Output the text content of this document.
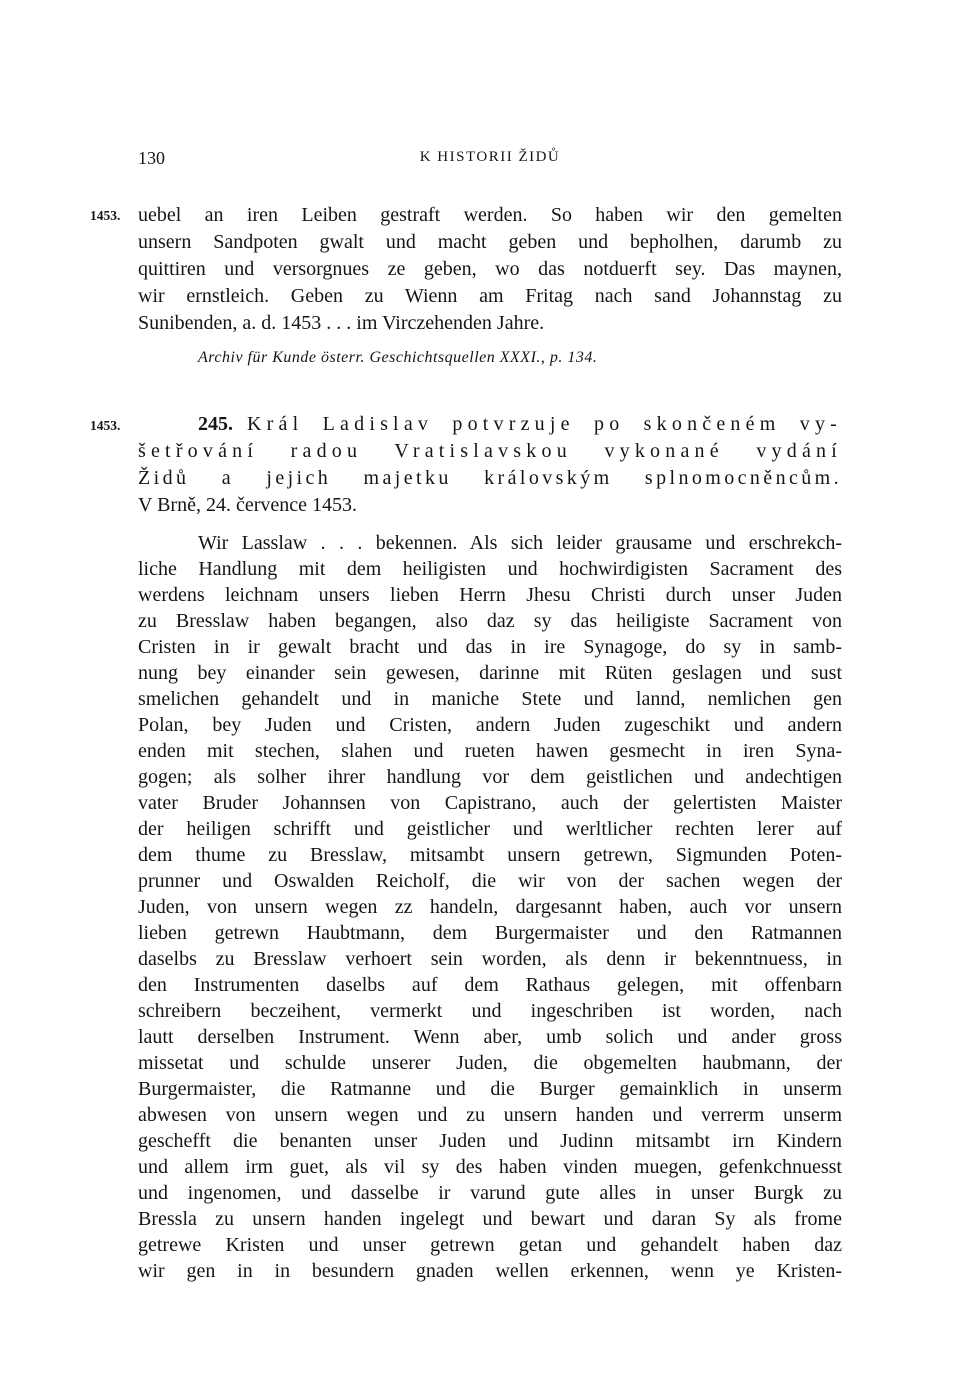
130	K HISTORII ŽIDŮ
1453. uebel an iren Leiben gestraft werden. So haben wir den gemelten
unsern Sandpoten gwalt und macht geben und bepholhen, darumb zu
quittiren und versorgnues ze geben, wo das notduerft sey. Das maynen,
wir ernstleich. Geben zu Wienn am Fritag nach sand Johannstag zu
Sunibenden, a. d. 1453 . . . im Virczehenden Jahre.
Archiv für Kunde österr. Geschichtsquellen XXXI., p. 134.
1453.	245. Král Ladislav potvrzuje po skončeném vy-
šetřování radou Vratislavskou vykonané vydání
Židů a jejich majetku královským splnomocněncům.
V Brně, 24. července 1453.
Wir Lasslaw . . . bekennen. Als sich leider grausame und erschrekch-
liche Handlung mit dem heiligisten und hochwirdigisten Sacrament des
werdens leichnam unsers lieben Herrn Jhesu Christi durch unser Juden
zu Bresslaw haben begangen, also daz sy das heiligiste Sacrament von
Cristen in ir gewalt bracht und das in ire Synagoge, do sy in samb-
nung bey einander sein gewesen, darinne mit Rüten geslagen und sust
smelichen gehandelt und in maniche Stete und lannd, nemlichen gen
Polan, bey Juden und Cristen, andern Juden zugeschikt und andern
enden mit stechen, slahen und rueten hawen gesmecht in iren Syna-
gogen; als solher ihrer handlung vor dem geistlichen und andechtigen
vater Bruder Johannsen von Capistrano, auch der gelertisten Maister
der heiligen schrifft und geistlicher und werltlicher rechten lerer auf
dem thume zu Bresslaw, mitsambt unsern getrewn, Sigmunden Poten-
prunner und Oswalden Reicholf, die wir von der sachen wegen der
Juden, von unsern wegen zz handeln, dargesannt haben, auch vor unsern
lieben getrewn Haubtmann, dem Burgermaister und den Ratmannen
daselbs zu Bresslaw verhoert sein worden, als denn ir bekenntnuess, in
den Instrumenten daselbs auf dem Rathaus gelegen, mit offenbarn
schreibern beczeihent, vermerkt und ingeschriben ist worden, nach
lautt derselben Instrument. Wenn aber, umb solich und ander gross
missetat und schulde unserer Juden, die obgemelten haubmann, der
Burgermaister, die Ratmanne und die Burger gemainklich in unserm
abwesen von unsern wegen und zu unsern handen und verrerm unserm
geschefft die benanten unser Juden und Judinn mitsambt irn Kindern
und allem irm guet, als vil sy des haben vinden muegen, gefenkchnuesst
und ingenomen, und dasselbe ir varund gute alles in unser Burgk zu
Bressla zu unsern handen ingelegt und bewart und daran Sy als frome
getrewe Kristen und unser getrewn getan und gehandelt haben daz
wir gen in in besundern gnaden wellen erkennen, wenn ye Kristen-
